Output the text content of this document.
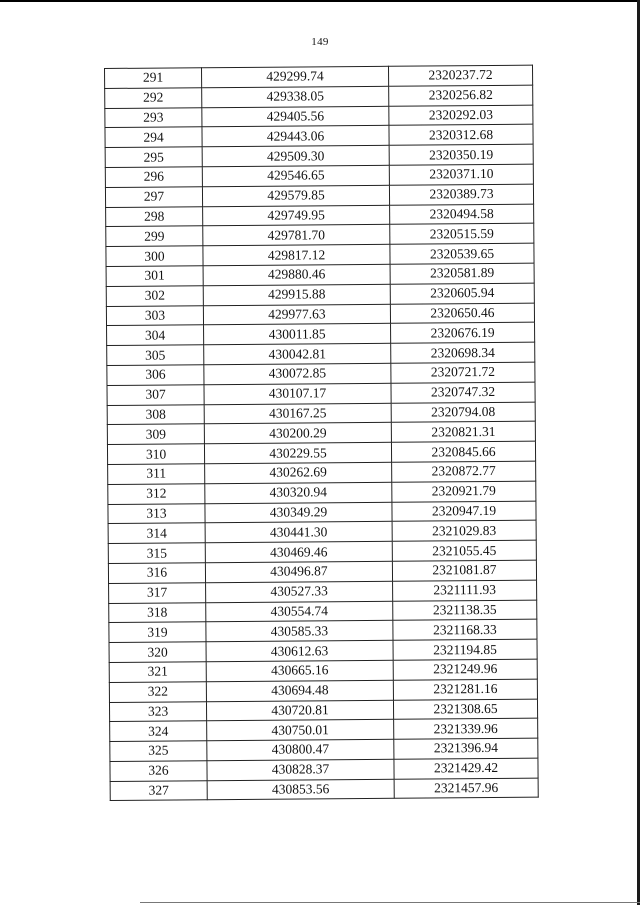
149
291	429299.74	2320237.72
292	429338.05	2320256.82
293	429405.56	2320292.03
294	429443.06	2320312.68
295	429509.30	2320350.19
296	429546.65	2320371.10
297	429579.85	2320389.73
298	429749.95	2320494.58
299	429781.70	2320515.59
300	429817.12	2320539.65
301	429880.46	2320581.89
302	429915.88	2320605.94
303	429977.63	2320650.46
304	430011.85	2320676.19
305	430042.81	2320698.34
306	430072.85	2320721.72
307	430107.17	2320747.32
308	430167.25	2320794.08
309	430200.29	2320821.31
310	430229.55	2320845.66
311	430262.69	2320872.77
312	430320.94	2320921.79
313	430349.29	2320947.19
314	430441.30	2321029.83
315	430469.46	2321055.45
316	430496.87	2321081.87
317	430527.33	2321111.93
318	430554.74	2321138.35
319	430585.33	2321168.33
320	430612.63	2321194.85
321	430665.16	2321249.96
322	430694.48	2321281.16
323	430720.81	2321308.65
324	430750.01	2321339.96
325	430800.47	2321396.94
326	430828.37	2321429.42
327	430853.56	2321457.96
